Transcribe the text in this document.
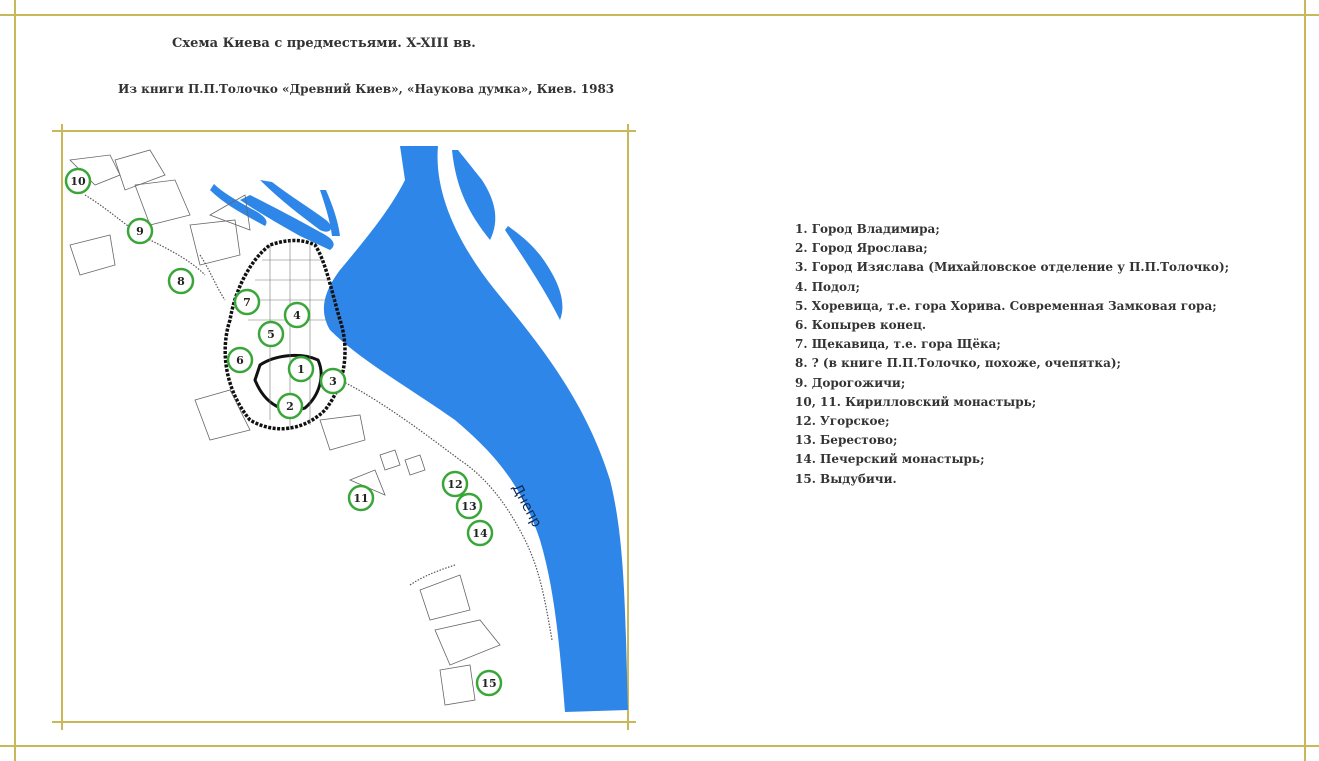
Схема Киева с предместьями. X-XIII вв.
Из книги П.П.Толочко «Древний Киев», «Наукова думка», Киев. 1983
Днепр
1
2
3
4
5
6
7
8
9
10
11
12
13
14
15
1. Город Владимира;
2. Город Ярослава;
3. Город Изяслава (Михайловское отделение у П.П.Толочко);
4. Подол;
5. Хоревица, т.е. гора Хорива. Современная Замковая гора;
6. Копырев конец.
7. Щекавица, т.е. гора Щёка;
8. ? (в книге П.П.Толочко, похоже, очепятка);
9. Дорогожичи;
10, 11. Кирилловский монастырь;
12. Угорское;
13. Берестово;
14. Печерский монастырь;
15. Выдубичи.
